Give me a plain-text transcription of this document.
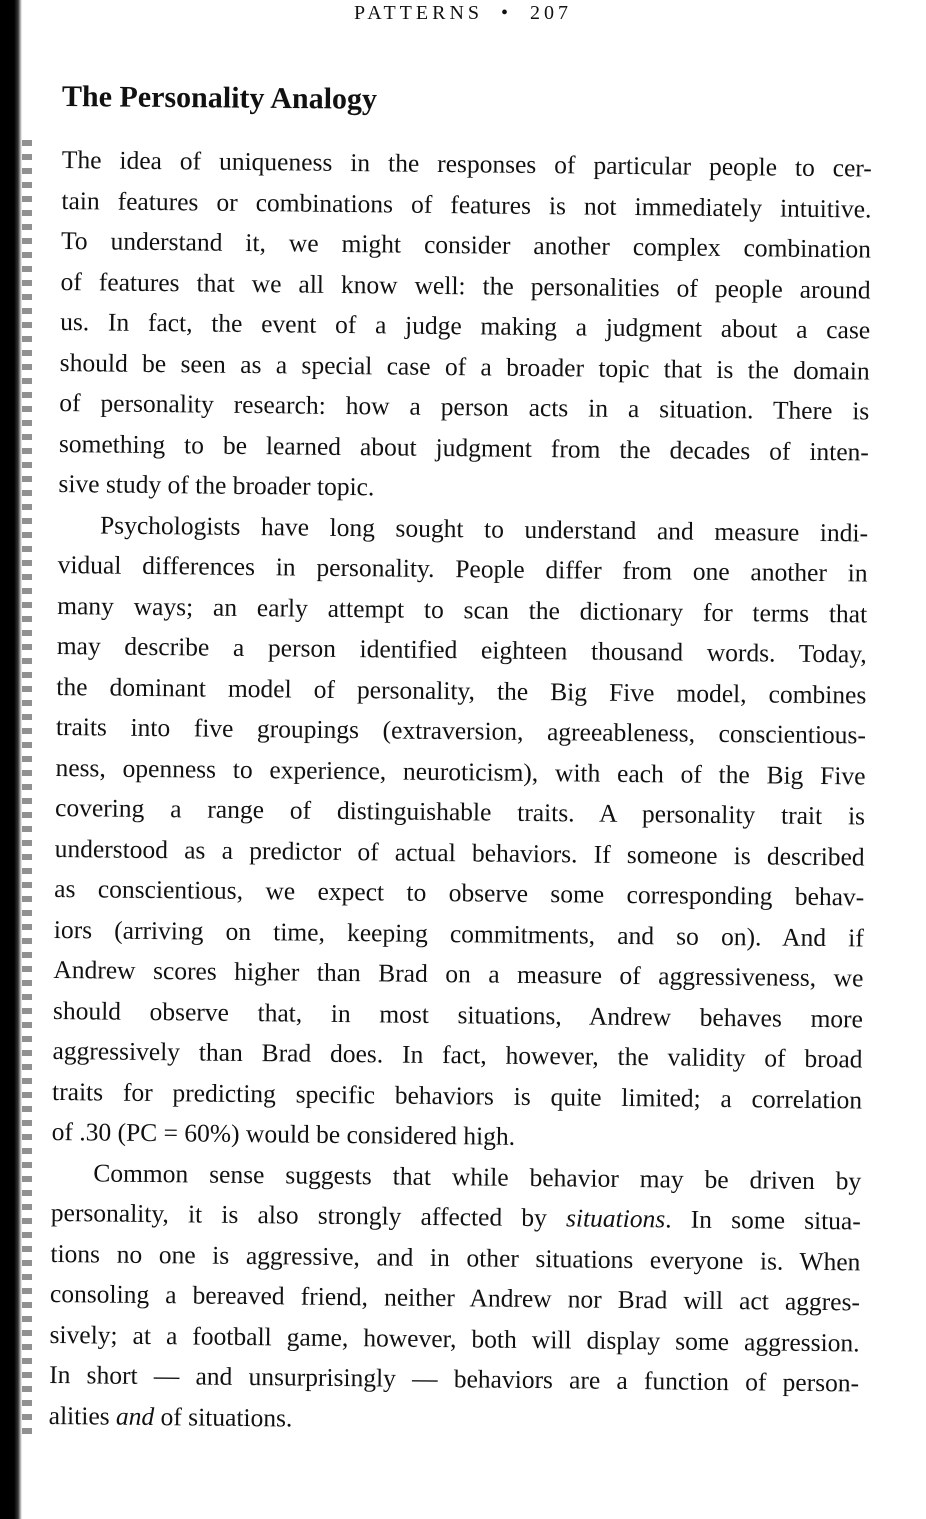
PATTERNS • 207
The Personality Analogy
The idea of uniqueness in the responses of particular people to cer-
tain features or combinations of features is not immediately intuitive.
To understand it, we might consider another complex combination
of features that we all know well: the personalities of people around
us. In fact, the event of a judge making a judgment about a case
should be seen as a special case of a broader topic that is the domain
of personality research: how a person acts in a situation. There is
something to be learned about judgment from the decades of inten-
sive study of the broader topic.
Psychologists have long sought to understand and measure indi-
vidual differences in personality. People differ from one another in
many ways; an early attempt to scan the dictionary for terms that
may describe a person identified eighteen thousand words. Today,
the dominant model of personality, the Big Five model, combines
traits into five groupings (extraversion, agreeableness, conscientious-
ness, openness to experience, neuroticism), with each of the Big Five
covering a range of distinguishable traits. A personality trait is
understood as a predictor of actual behaviors. If someone is described
as conscientious, we expect to observe some corresponding behav-
iors (arriving on time, keeping commitments, and so on). And if
Andrew scores higher than Brad on a measure of aggressiveness, we
should observe that, in most situations, Andrew behaves more
aggressively than Brad does. In fact, however, the validity of broad
traits for predicting specific behaviors is quite limited; a correlation
of .30 (PC = 60%) would be considered high.
Common sense suggests that while behavior may be driven by
personality, it is also strongly affected by situations. In some situa-
tions no one is aggressive, and in other situations everyone is. When
consoling a bereaved friend, neither Andrew nor Brad will act aggres-
sively; at a football game, however, both will display some aggression.
In short — and unsurprisingly — behaviors are a function of person-
alities and of situations.
